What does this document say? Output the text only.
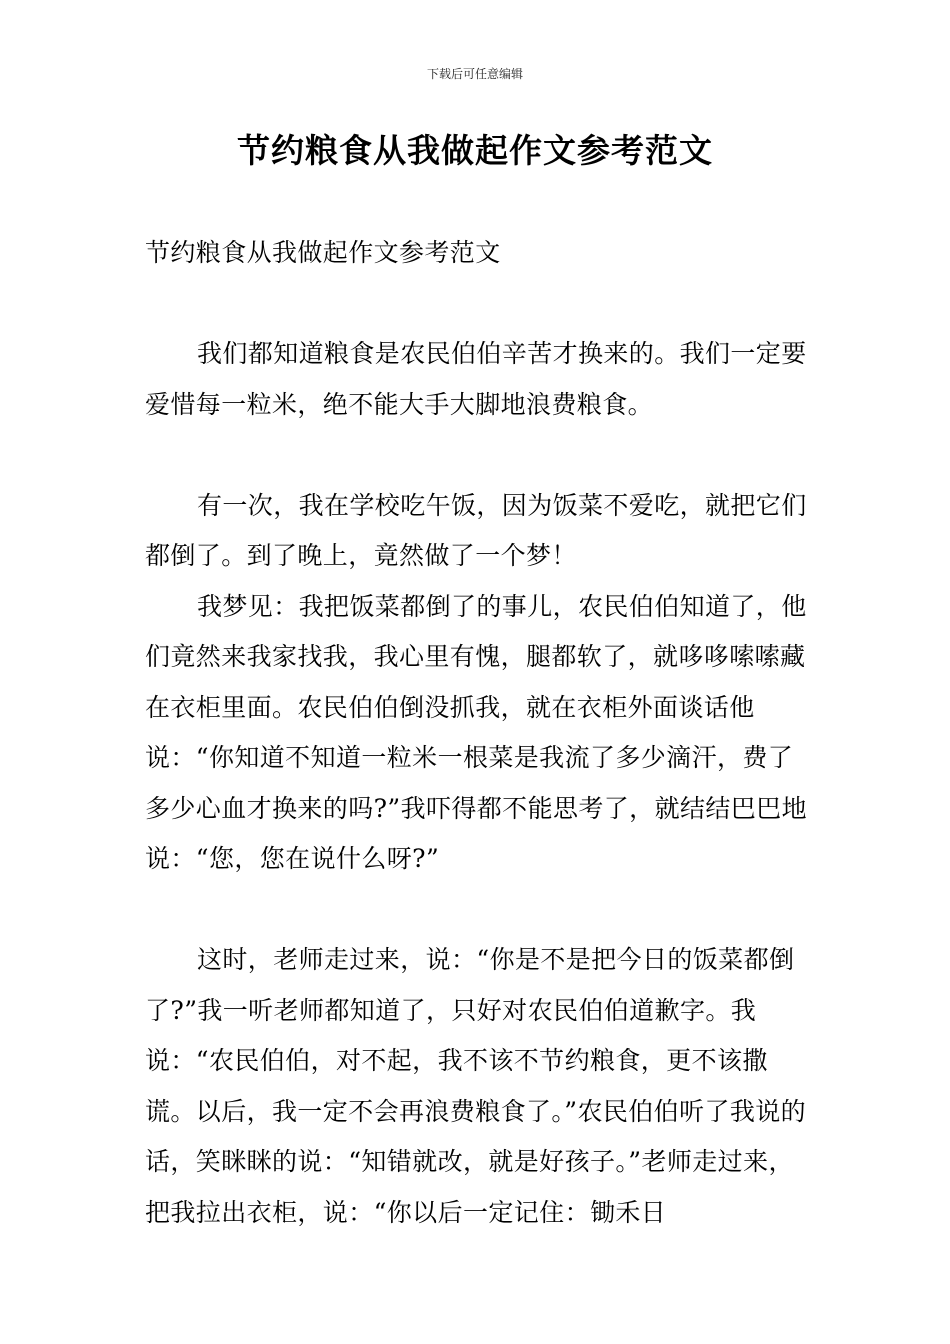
下载后可任意编辑
节约粮食从我做起作文参考范文

节约粮食从我做起作文参考范文

我们都知道粮食是农民伯伯辛苦才换来的。我们一定要爱惜每一粒米，绝不能大手大脚地浪费粮食。

有一次，我在学校吃午饭，因为饭菜不爱吃，就把它们都倒了。到了晚上，竟然做了一个梦！

我梦见：我把饭菜都倒了的事儿，农民伯伯知道了，他们竟然来我家找我，我心里有愧，腿都软了，就哆哆嗦嗦藏在衣柜里面。农民伯伯倒没抓我，就在衣柜外面谈话他说：“你知道不知道一粒米一根菜是我流了多少滴汗，费了多少心血才换来的吗?”我吓得都不能思考了，就结结巴巴地说：“您，您在说什么呀?”

这时，老师走过来，说：“你是不是把今日的饭菜都倒了?”我一听老师都知道了，只好对农民伯伯道歉字。我说：“农民伯伯，对不起，我不该不节约粮食，更不该撒谎。以后，我一定不会再浪费粮食了。”农民伯伯听了我说的话，笑眯眯的说：“知错就改，就是好孩子。”老师走过来，把我拉出衣柜，说：“你以后一定记住：锄禾日
